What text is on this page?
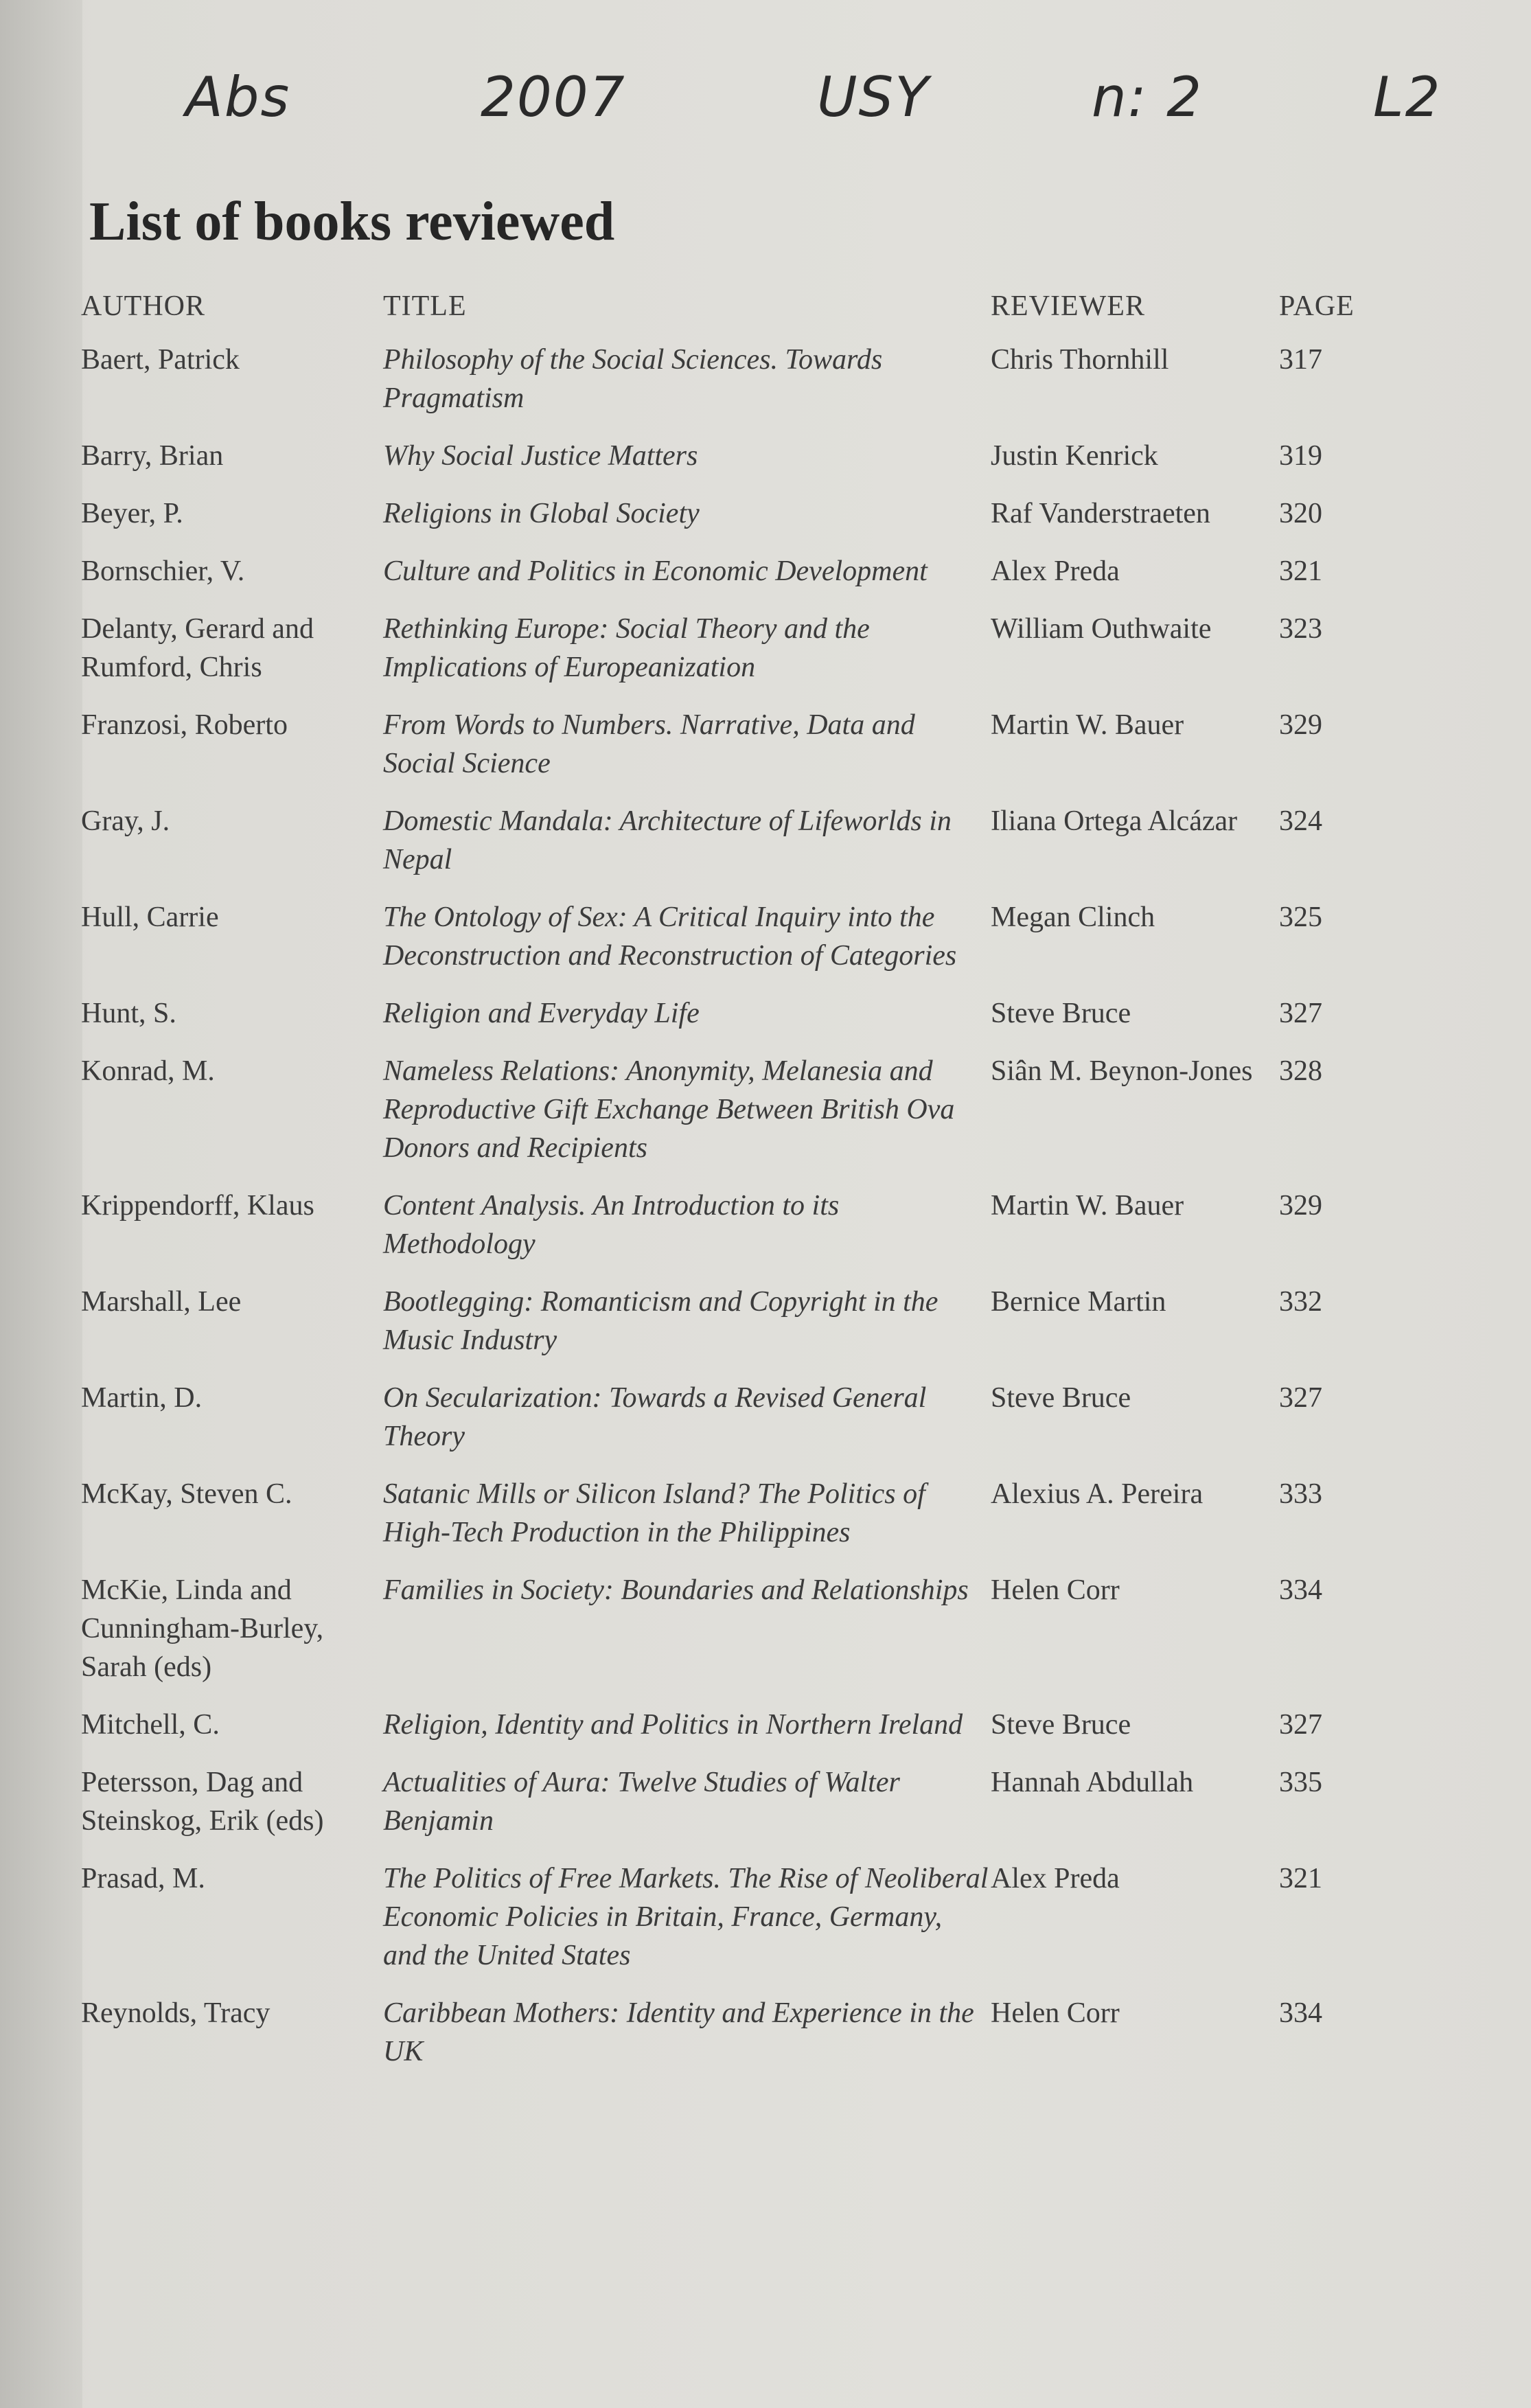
Abs	2007	USY	n: 2	L2
List of books reviewed
AUTHOR	TITLE	REVIEWER	PAGE
Baert, Patrick	Philosophy of the Social Sciences. Towards Pragmatism	Chris Thornhill	317
Barry, Brian	Why Social Justice Matters	Justin Kenrick	319
Beyer, P.	Religions in Global Society	Raf Vanderstraeten	320
Bornschier, V.	Culture and Politics in Economic Development	Alex Preda	321
Delanty, Gerard and Rumford, Chris	Rethinking Europe: Social Theory and the Implications of Europeanization	William Outhwaite	323
Franzosi, Roberto	From Words to Numbers. Narrative, Data and Social Science	Martin W. Bauer	329
Gray, J.	Domestic Mandala: Architecture of Lifeworlds in Nepal	Iliana Ortega Alcázar	324
Hull, Carrie	The Ontology of Sex: A Critical Inquiry into the Deconstruction and Reconstruction of Categories	Megan Clinch	325
Hunt, S.	Religion and Everyday Life	Steve Bruce	327
Konrad, M.	Nameless Relations: Anonymity, Melanesia and Reproductive Gift Exchange Between British Ova Donors and Recipients	Siân M. Beynon-Jones	328
Krippendorff, Klaus	Content Analysis. An Introduction to its Methodology	Martin W. Bauer	329
Marshall, Lee	Bootlegging: Romanticism and Copyright in the Music Industry	Bernice Martin	332
Martin, D.	On Secularization: Towards a Revised General Theory	Steve Bruce	327
McKay, Steven C.	Satanic Mills or Silicon Island? The Politics of High-Tech Production in the Philippines	Alexius A. Pereira	333
McKie, Linda and Cunningham-Burley, Sarah (eds)	Families in Society: Boundaries and Relationships	Helen Corr	334
Mitchell, C.	Religion, Identity and Politics in Northern Ireland	Steve Bruce	327
Petersson, Dag and Steinskog, Erik (eds)	Actualities of Aura: Twelve Studies of Walter Benjamin	Hannah Abdullah	335
Prasad, M.	The Politics of Free Markets. The Rise of Neoliberal Economic Policies in Britain, France, Germany, and the United States	Alex Preda	321
Reynolds, Tracy	Caribbean Mothers: Identity and Experience in the UK	Helen Corr	334
